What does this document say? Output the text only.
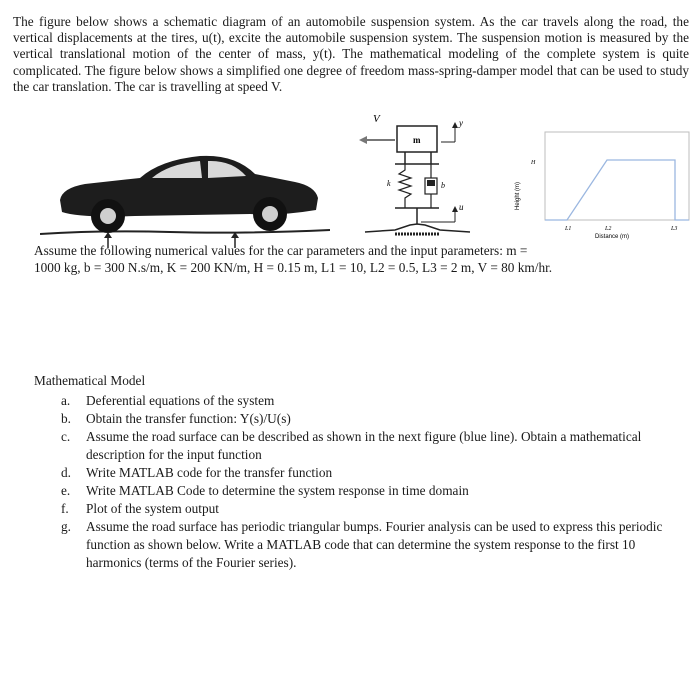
The figure below shows a schematic diagram of an automobile suspension system. As the car travels along the road, the vertical displacements at the tires, u(t), excite the automobile suspension system. The suspension motion is measured by the vertical translational motion of the center of mass, y(t). The mathematical modeling of the complete system is quite complicated. The figure below shows a simplified one degree of freedom mass-spring-damper model that can be used to study the car translation. The car is travelling at speed V.
V
m
y
k	b
u	Height (m)
H
L1	L2	L3
Distance (m)
Assume the following numerical values for the car parameters and the input parameters: m =
1000 kg, b = 300 N.s/m, K = 200 KN/m, H = 0.15 m, L1 = 10, L2 = 0.5, L3 = 2 m, V = 80 km/hr.
Mathematical Model
a.	Deferential equations of the system
b.	Obtain the transfer function: Y(s)/U(s)
c.	Assume the road surface can be described as shown in the next figure (blue line). Obtain a mathematical description for the input function
d.	Write MATLAB code for the transfer function
e.	Write MATLAB Code to determine the system response in time domain
f.	Plot of the system output
g.	Assume the road surface has periodic triangular bumps. Fourier analysis can be used to express this periodic function as shown below. Write a MATLAB code that can determine the system response to the first 10 harmonics (terms of the Fourier series).
